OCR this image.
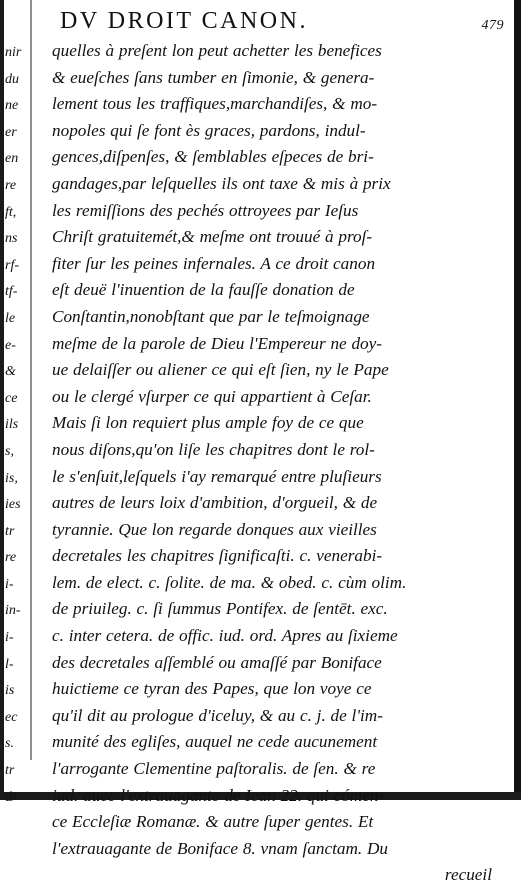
DV DROIT CANON.	479
nir
du
ne
er
en
re
ft,
ns
rf-
tf-
le
e-
&
ce
ils
s,
is,
ies
tr
re
i-
in-
i-
l-
is
ec
s.
tr
d/
quelles à preſent lon peut achetter les benefices
& eueſches ſans tumber en ſimonie, & genera-
lement tous les traffiques,marchandiſes, & mo-
nopoles qui ſe font ès graces, pardons, indul-
gences,diſpenſes, & ſemblables eſpeces de bri-
gandages,par leſquelles ils ont taxe & mis à prix
les remiſſions des pechés ottroyees par Ieſus
Chriſt gratuitemét,& meſme ont trouué à proſ-
fiter ſur les peines infernales. A ce droit canon
eſt deuë l'inuention de la fauſſe donation de
Conſtantin,nonobſtant que par le teſmoignage
meſme de la parole de Dieu l'Empereur ne doy-
ue delaiſſer ou aliener ce qui eſt ſien, ny le Pape
ou le clergé vſurper ce qui appartient à Ceſar.
Mais ſi lon requiert plus ample foy de ce que
nous diſons,qu'on liſe les chapitres dont le rol-
le s'enſuit,leſquels i'ay remarqué entre pluſieurs
autres de leurs loix d'ambition, d'orgueil, & de
tyrannie. Que lon regarde donques aux vieilles
decretales les chapitres ſignificaſti. c. venerabi-
lem. de elect. c. ſolite. de ma. & obed. c. cùm olim.
de priuileg. c. ſi ſummus Pontifex. de ſentēt. exc.
c. inter cetera. de offic. iud. ord. Apres au ſixieme
des decretales aſſemblé ou amaſſé par Boniface
huictieme ce tyran des Papes, que lon voye ce
qu'il dit au prologue d'iceluy, & au c. j. de l'im-
munité des egliſes, auquel ne cede aucunement
l'arrogante Clementine paſtoralis. de ſen. & re
iud. auec l'extrauagante de Iean 22. qui cómen-
ce Eccleſiæ Romanæ. & autre ſuper gentes. Et
l'extrauagante de Boniface 8. vnam ſanctam. Du
recueil
